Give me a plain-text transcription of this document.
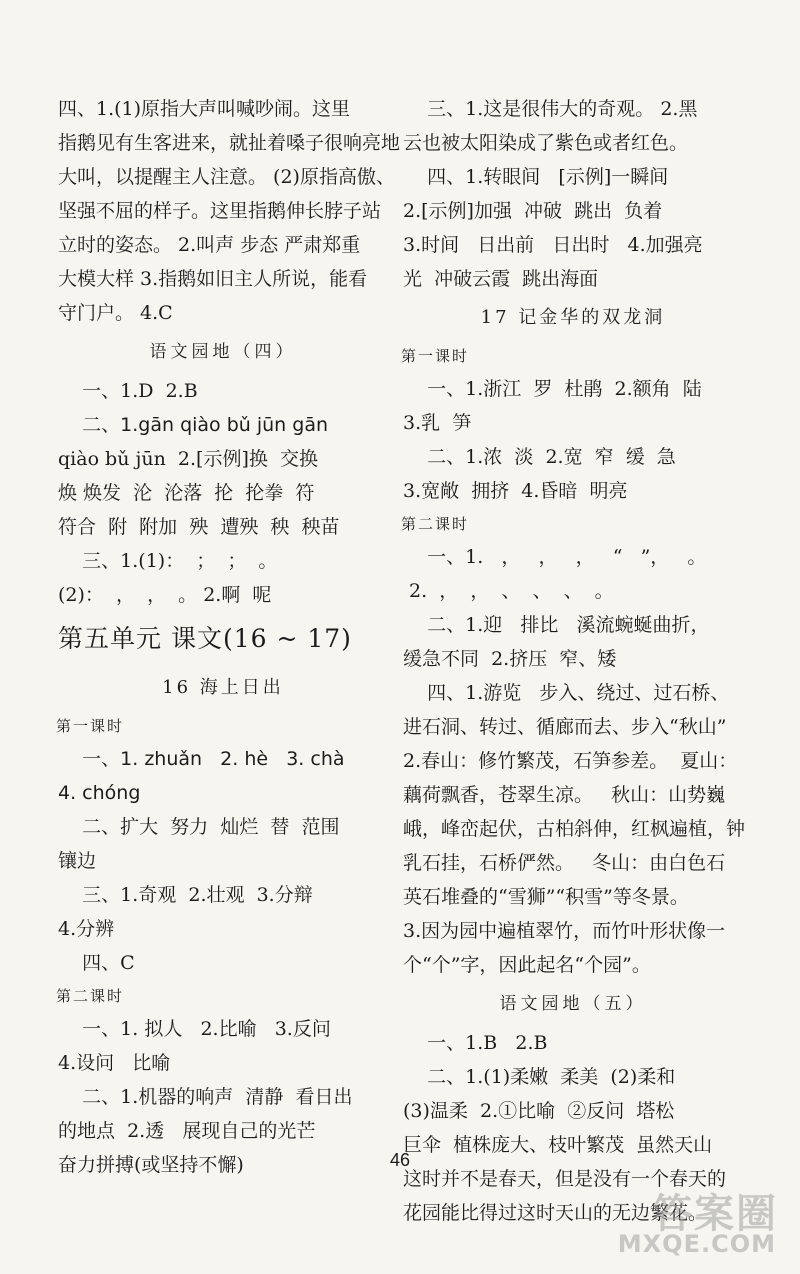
四、1.(1)原指大声叫喊吵闹。这里
指鹅见有生客进来，就扯着嗓子很响亮地
大叫，以提醒主人注意。 (2)原指高傲、
坚强不屈的样子。这里指鹅伸长脖子站
立时的姿态。 2.叫声 步态 严肃郑重
大模大样 3.指鹅如旧主人所说，能看
守门户。 4.C
语文园地（四）
一、1.D  2.B
二、1.gān qiào bǔ jūn gān
qiào bǔ jūn  2.[示例]换  交换
焕 焕发  沦  沦落  抡  抡拳  符
符合  附  附加  殃  遭殃  秧  秧苗
三、1.(1)：  ；  ；  。
(2)：  ，  ，  。 2.啊  呢
第五单元 课文(16 ~ 17)
16 海上日出
第一课时
一、1. zhuǎn   2. hè   3. chà
4. chóng
二、扩大  努力  灿烂  替  范围
镶边
三、1.奇观  2.壮观  3.分辩
4.分辨
四、C
第二课时
一、1. 拟人   2.比喻   3.反问
4.设问   比喻
二、1.机器的响声  清静  看日出
的地点  2.透   展现自己的光芒
奋力拼搏(或坚持不懈)
三、1.这是很伟大的奇观。 2.黑
云也被太阳染成了紫色或者红色。
四、1.转眼间   [示例]一瞬间
2.[示例]加强  冲破  跳出  负着
3.时间   日出前   日出时   4.加强亮
光  冲破云霞  跳出海面
17 记金华的双龙洞
第一课时
一、1.浙江  罗  杜鹃  2.额角  陆
3.乳  笋
二、1.浓  淡  2.宽  窄  缓  急
3.宽敞  拥挤  4.昏暗  明亮
第二课时
一、1.   ，   ，   ，   “   ”，   。
2.  ，  ，  、  、  、  。
二、1.迎   排比   溪流蜿蜒曲折，
缓急不同  2.挤压  窄、矮
四、1.游览   步入、绕过、过石桥、
进石洞、转过、循廊而去、步入“秋山”
2.春山：修竹繁茂，石笋参差。  夏山：
藕荷飘香，苍翠生凉。   秋山：山势巍
峨，峰峦起伏，古柏斜伸，红枫遍植，钟
乳石挂，石桥俨然。   冬山：由白色石
英石堆叠的“雪狮”“积雪”等冬景。
3.因为园中遍植翠竹，而竹叶形状像一
个“个”字，因此起名“个园”。
语文园地（五）
一、1.B   2.B
二、1.(1)柔嫩  柔美  (2)柔和
(3)温柔  2.①比喻  ②反问  塔松
巨伞  植株庞大、枝叶繁茂  虽然天山
这时并不是春天，但是没有一个春天的
花园能比得过这时天山的无边繁花。
46
答案圈
MXQE.COM
